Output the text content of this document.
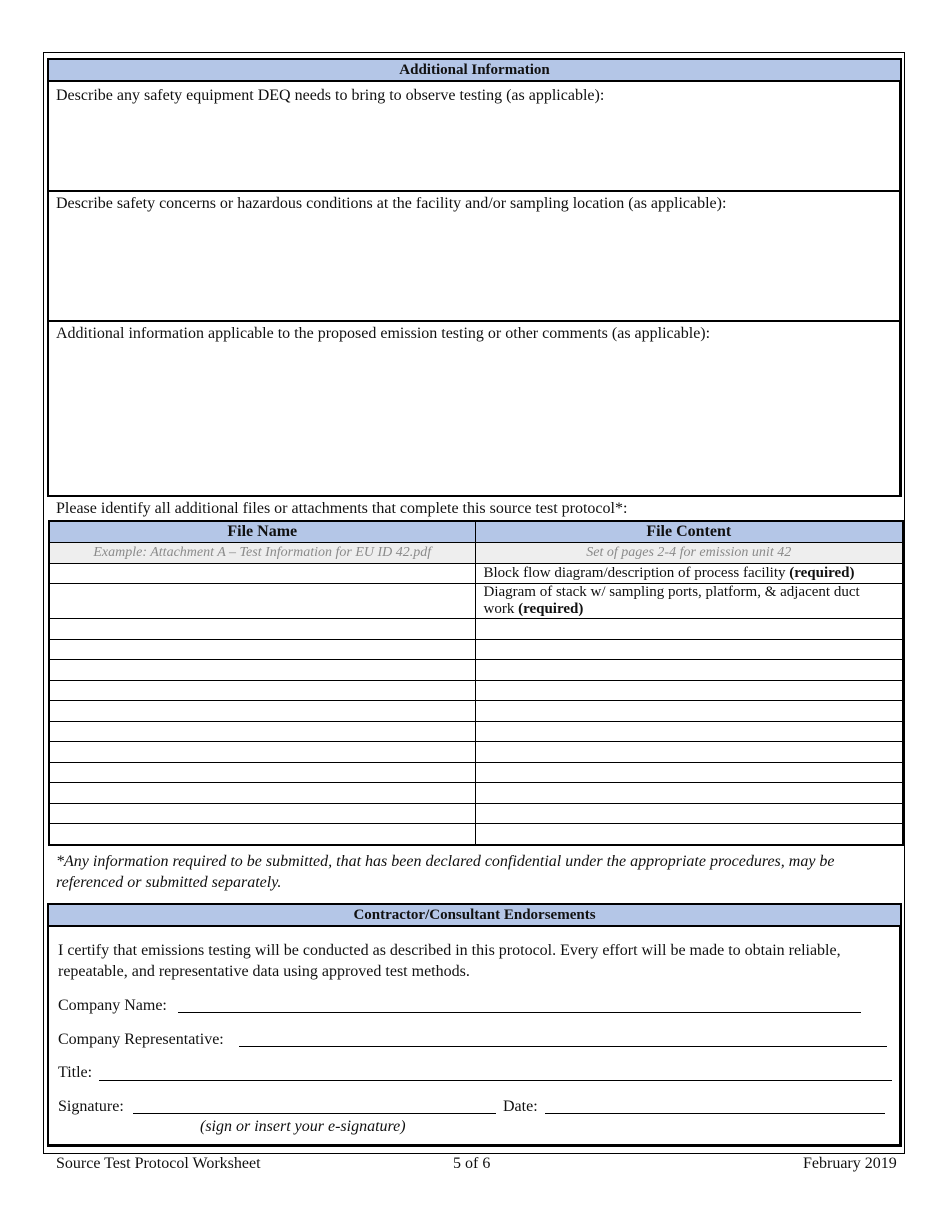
Additional Information
Describe any safety equipment DEQ needs to bring to observe testing (as applicable):
Describe safety concerns or hazardous conditions at the facility and/or sampling location (as applicable):
Additional information applicable to the proposed emission testing or other comments (as applicable):
Please identify all additional files or attachments that complete this source test protocol*:
File Name	File Content
Example: Attachment A – Test Information for EU ID 42.pdf	Set of pages 2-4 for emission unit 42
	Block flow diagram/description of process facility (required)
	Diagram of stack w/ sampling ports, platform, & adjacent duct work (required)

*Any information required to be submitted, that has been declared confidential under the appropriate procedures, may be referenced or submitted separately.
Contractor/Consultant Endorsements
I certify that emissions testing will be conducted as described in this protocol. Every effort will be made to obtain reliable, repeatable, and representative data using approved test methods.
Company Name:
Company Representative:
Title:
Signature:	Date:
(sign or insert your e-signature)
Source Test Protocol Worksheet	5 of 6	February 2019
